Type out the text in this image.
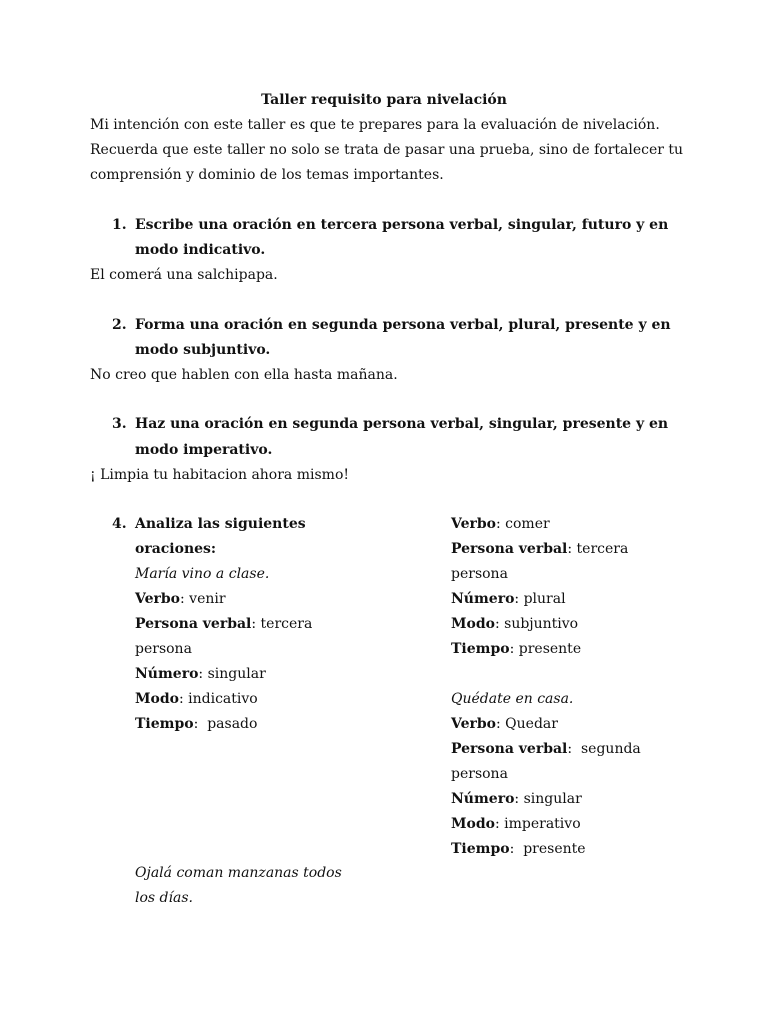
Taller requisito para nivelación
Mi intención con este taller es que te prepares para la evaluación de nivelación.
Recuerda que este taller no solo se trata de pasar una prueba, sino de fortalecer tu
comprensión y dominio de los temas importantes.
1. Escribe una oración en tercera persona verbal, singular, futuro y en
modo indicativo.
El comerá una salchipapa.
2. Forma una oración en segunda persona verbal, plural, presente y en
modo subjuntivo.
No creo que hablen con ella hasta mañana.
3. Haz una oración en segunda persona verbal, singular, presente y en
modo imperativo.
¡ Limpia tu habitacion ahora mismo!
4. Analiza las siguientes
oraciones:
María vino a clase.
Verbo: venir
Persona verbal: tercera
persona
Número: singular
Modo: indicativo
Tiempo:  pasado
Ojalá coman manzanas todos
los días.
Verbo: comer
Persona verbal: tercera
persona
Número: plural
Modo: subjuntivo
Tiempo: presente
Quédate en casa.
Verbo: Quedar
Persona verbal:  segunda
persona
Número: singular
Modo: imperativo
Tiempo:  presente
